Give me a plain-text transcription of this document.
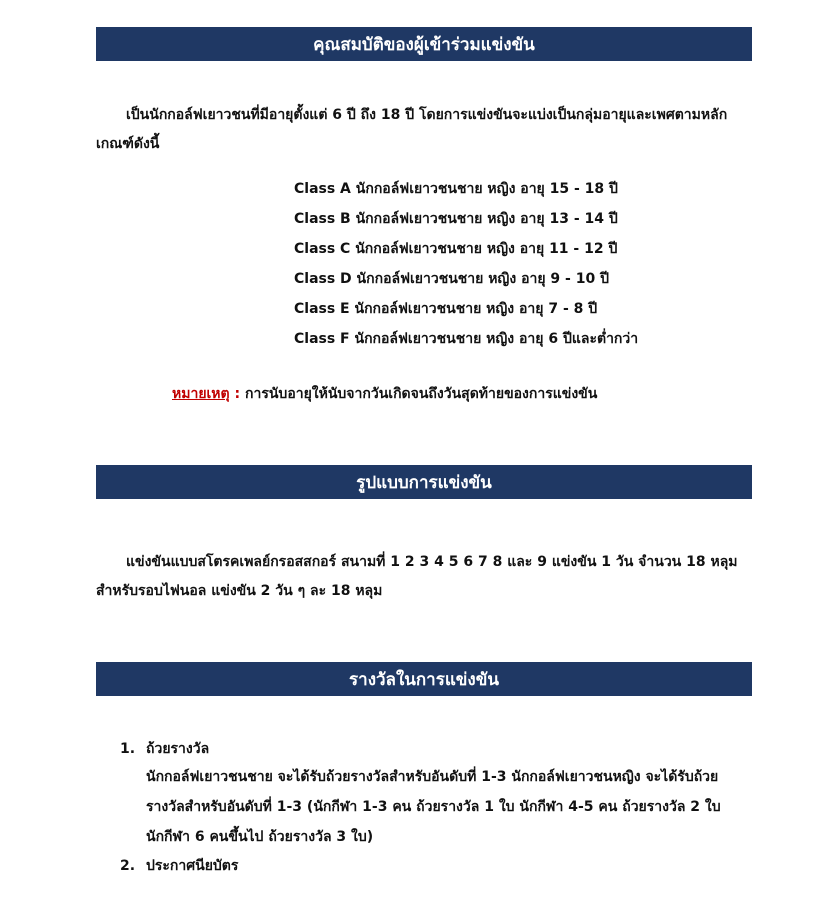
คุณสมบัติของผู้เข้าร่วมแข่งขัน
เป็นนักกอล์ฟเยาวชนที่มีอายุตั้งแต่ 6 ปี ถึง 18 ปี โดยการแข่งขันจะแบ่งเป็นกลุ่มอายุและเพศตามหลักเกณฑ์ดังนี้
Class A นักกอล์ฟเยาวชนชาย หญิง อายุ 15 - 18 ปี
Class B นักกอล์ฟเยาวชนชาย หญิง อายุ 13 - 14 ปี
Class C นักกอล์ฟเยาวชนชาย หญิง อายุ 11 - 12 ปี
Class D นักกอล์ฟเยาวชนชาย หญิง อายุ 9 - 10 ปี
Class E นักกอล์ฟเยาวชนชาย หญิง อายุ 7 - 8 ปี
Class F นักกอล์ฟเยาวชนชาย หญิง อายุ 6 ปีและต่ำกว่า
หมายเหตุ : การนับอายุให้นับจากวันเกิดจนถึงวันสุดท้ายของการแข่งขัน
รูปแบบการแข่งขัน
แข่งขันแบบสโตรคเพลย์กรอสสกอร์ สนามที่ 1 2 3 4 5 6 7 8 และ 9 แข่งขัน 1 วัน จำนวน 18 หลุม สำหรับรอบไฟนอล แข่งขัน 2 วัน ๆ ละ 18 หลุม
รางวัลในการแข่งขัน
1. ถ้วยรางวัล
นักกอล์ฟเยาวชนชาย จะได้รับถ้วยรางวัลสำหรับอันดับที่ 1-3 นักกอล์ฟเยาวชนหญิง จะได้รับถ้วยรางวัลสำหรับอันดับที่ 1-3 (นักกีฬา 1-3 คน ถ้วยรางวัล 1 ใบ นักกีฬา 4-5 คน ถ้วยรางวัล 2 ใบ นักกีฬา 6 คนขึ้นไป ถ้วยรางวัล 3 ใบ)
2. ประกาศนียบัตร
